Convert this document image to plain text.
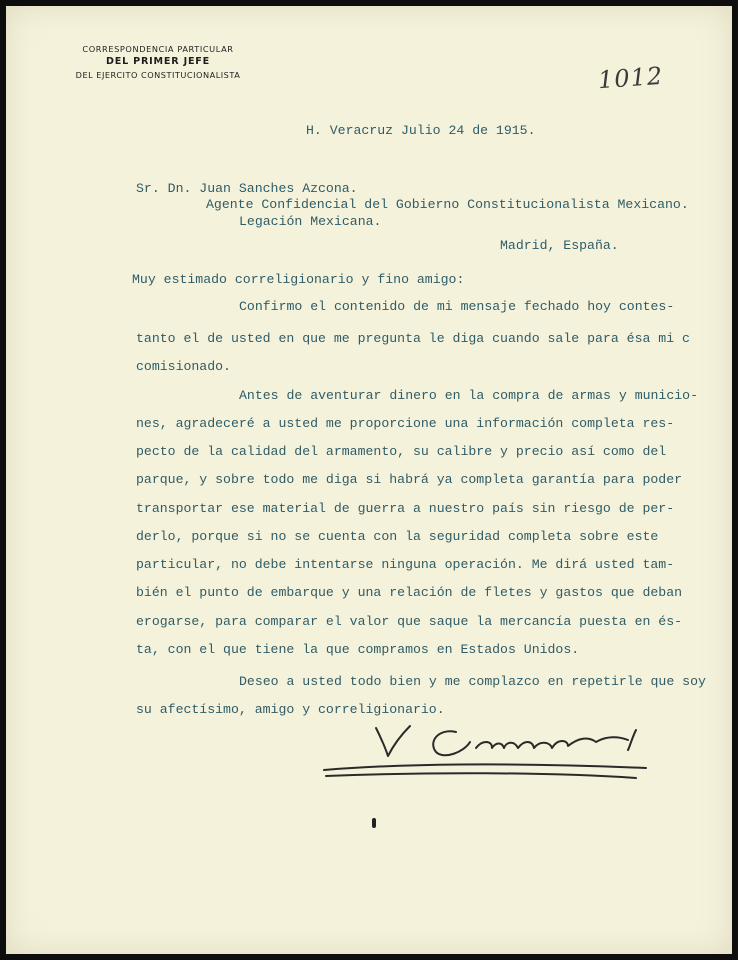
CORRESPONDENCIA PARTICULAR
DEL PRIMER JEFE
DEL EJERCITO CONSTITUCIONALISTA	1012
H. Veracruz Julio 24 de 1915.
Sr. Dn. Juan Sanches Azcona.
Agente Confidencial del Gobierno Constitucionalista Mexicano.
Legación Mexicana.
Madrid, España.
Muy estimado correligionario y fino amigo:
Confirmo el contenido de mi mensaje fechado hoy contes-
tanto el de usted en que me pregunta le diga cuando sale para ésa mi c
comisionado.
Antes de aventurar dinero en la compra de armas y municio-
nes, agradeceré a usted me proporcione una información completa res-
pecto de la calidad del armamento, su calibre y precio así como del
parque, y sobre todo me diga si habrá ya completa garantía para poder
transportar ese material de guerra a nuestro país sin riesgo de per-
derlo, porque si no se cuenta con la seguridad completa sobre este
particular, no debe intentarse ninguna operación. Me dirá usted tam-
bién el punto de embarque y una relación de fletes y gastos que deban
erogarse, para comparar el valor que saque la mercancía puesta en és-
ta, con el que tiene la que compramos en Estados Unidos.
Deseo a usted todo bien y me complazco en repetirle que soy
su afectísimo, amigo y correligionario.
